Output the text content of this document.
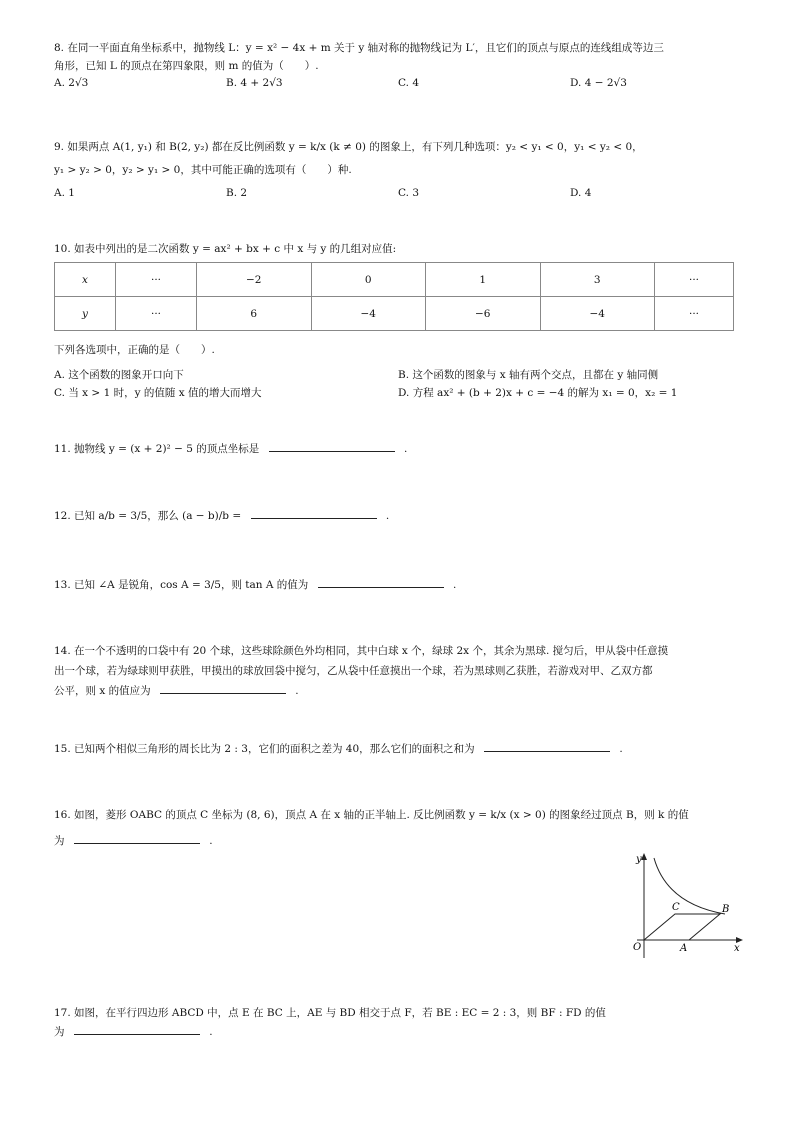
8. 在同一平面直角坐标系中，抛物线 L：y = x² − 4x + m 关于 y 轴对称的抛物线记为 L′，且它们的顶点与原点的连线组成等边三
角形，已知 L 的顶点在第四象限，则 m 的值为（　　）.
A. 2√3	B. 4 + 2√3	C. 4	D. 4 − 2√3
9. 如果两点 A(1, y₁) 和 B(2, y₂) 都在反比例函数 y = k/x (k ≠ 0) 的图象上，有下列几种选项：y₂ < y₁ < 0，y₁ < y₂ < 0，
y₁ > y₂ > 0，y₂ > y₁ > 0，其中可能正确的选项有（　　）种.
A. 1	B. 2	C. 3	D. 4
10. 如表中列出的是二次函数 y = ax² + bx + c 中 x 与 y 的几组对应值:
x	···	−2	0	1	3	···
y	···	6	−4	−6	−4	···
下列各选项中，正确的是（　　）.
A. 这个函数的图象开口向下	B. 这个函数的图象与 x 轴有两个交点，且都在 y 轴同侧
C. 当 x > 1 时，y 的值随 x 值的增大而增大	D. 方程 ax² + (b + 2)x + c = −4 的解为 x₁ = 0，x₂ = 1
11. 抛物线 y = (x + 2)² − 5 的顶点坐标是	.
12. 已知 a/b = 3/5，那么 (a − b)/b =	.
13. 已知 ∠A 是锐角，cos A = 3/5，则 tan A 的值为	.
14. 在一个不透明的口袋中有 20 个球，这些球除颜色外均相同，其中白球 x 个，绿球 2x 个，其余为黑球. 搅匀后，甲从袋中任意摸
出一个球，若为绿球则甲获胜，甲摸出的球放回袋中搅匀，乙从袋中任意摸出一个球，若为黑球则乙获胜，若游戏对甲、乙双方都
公平，则 x 的值应为	.
15. 已知两个相似三角形的周长比为 2 : 3，它们的面积之差为 40，那么它们的面积之和为	.
16. 如图，菱形 OABC 的顶点 C 坐标为 (8, 6)，顶点 A 在 x 轴的正半轴上. 反比例函数 y = k/x (x > 0) 的图象经过顶点 B，则 k 的值
为	.
y
x
O	A
B
C
17. 如图，在平行四边形 ABCD 中，点 E 在 BC 上，AE 与 BD 相交于点 F，若 BE : EC = 2 : 3，则 BF : FD 的值
为	.
